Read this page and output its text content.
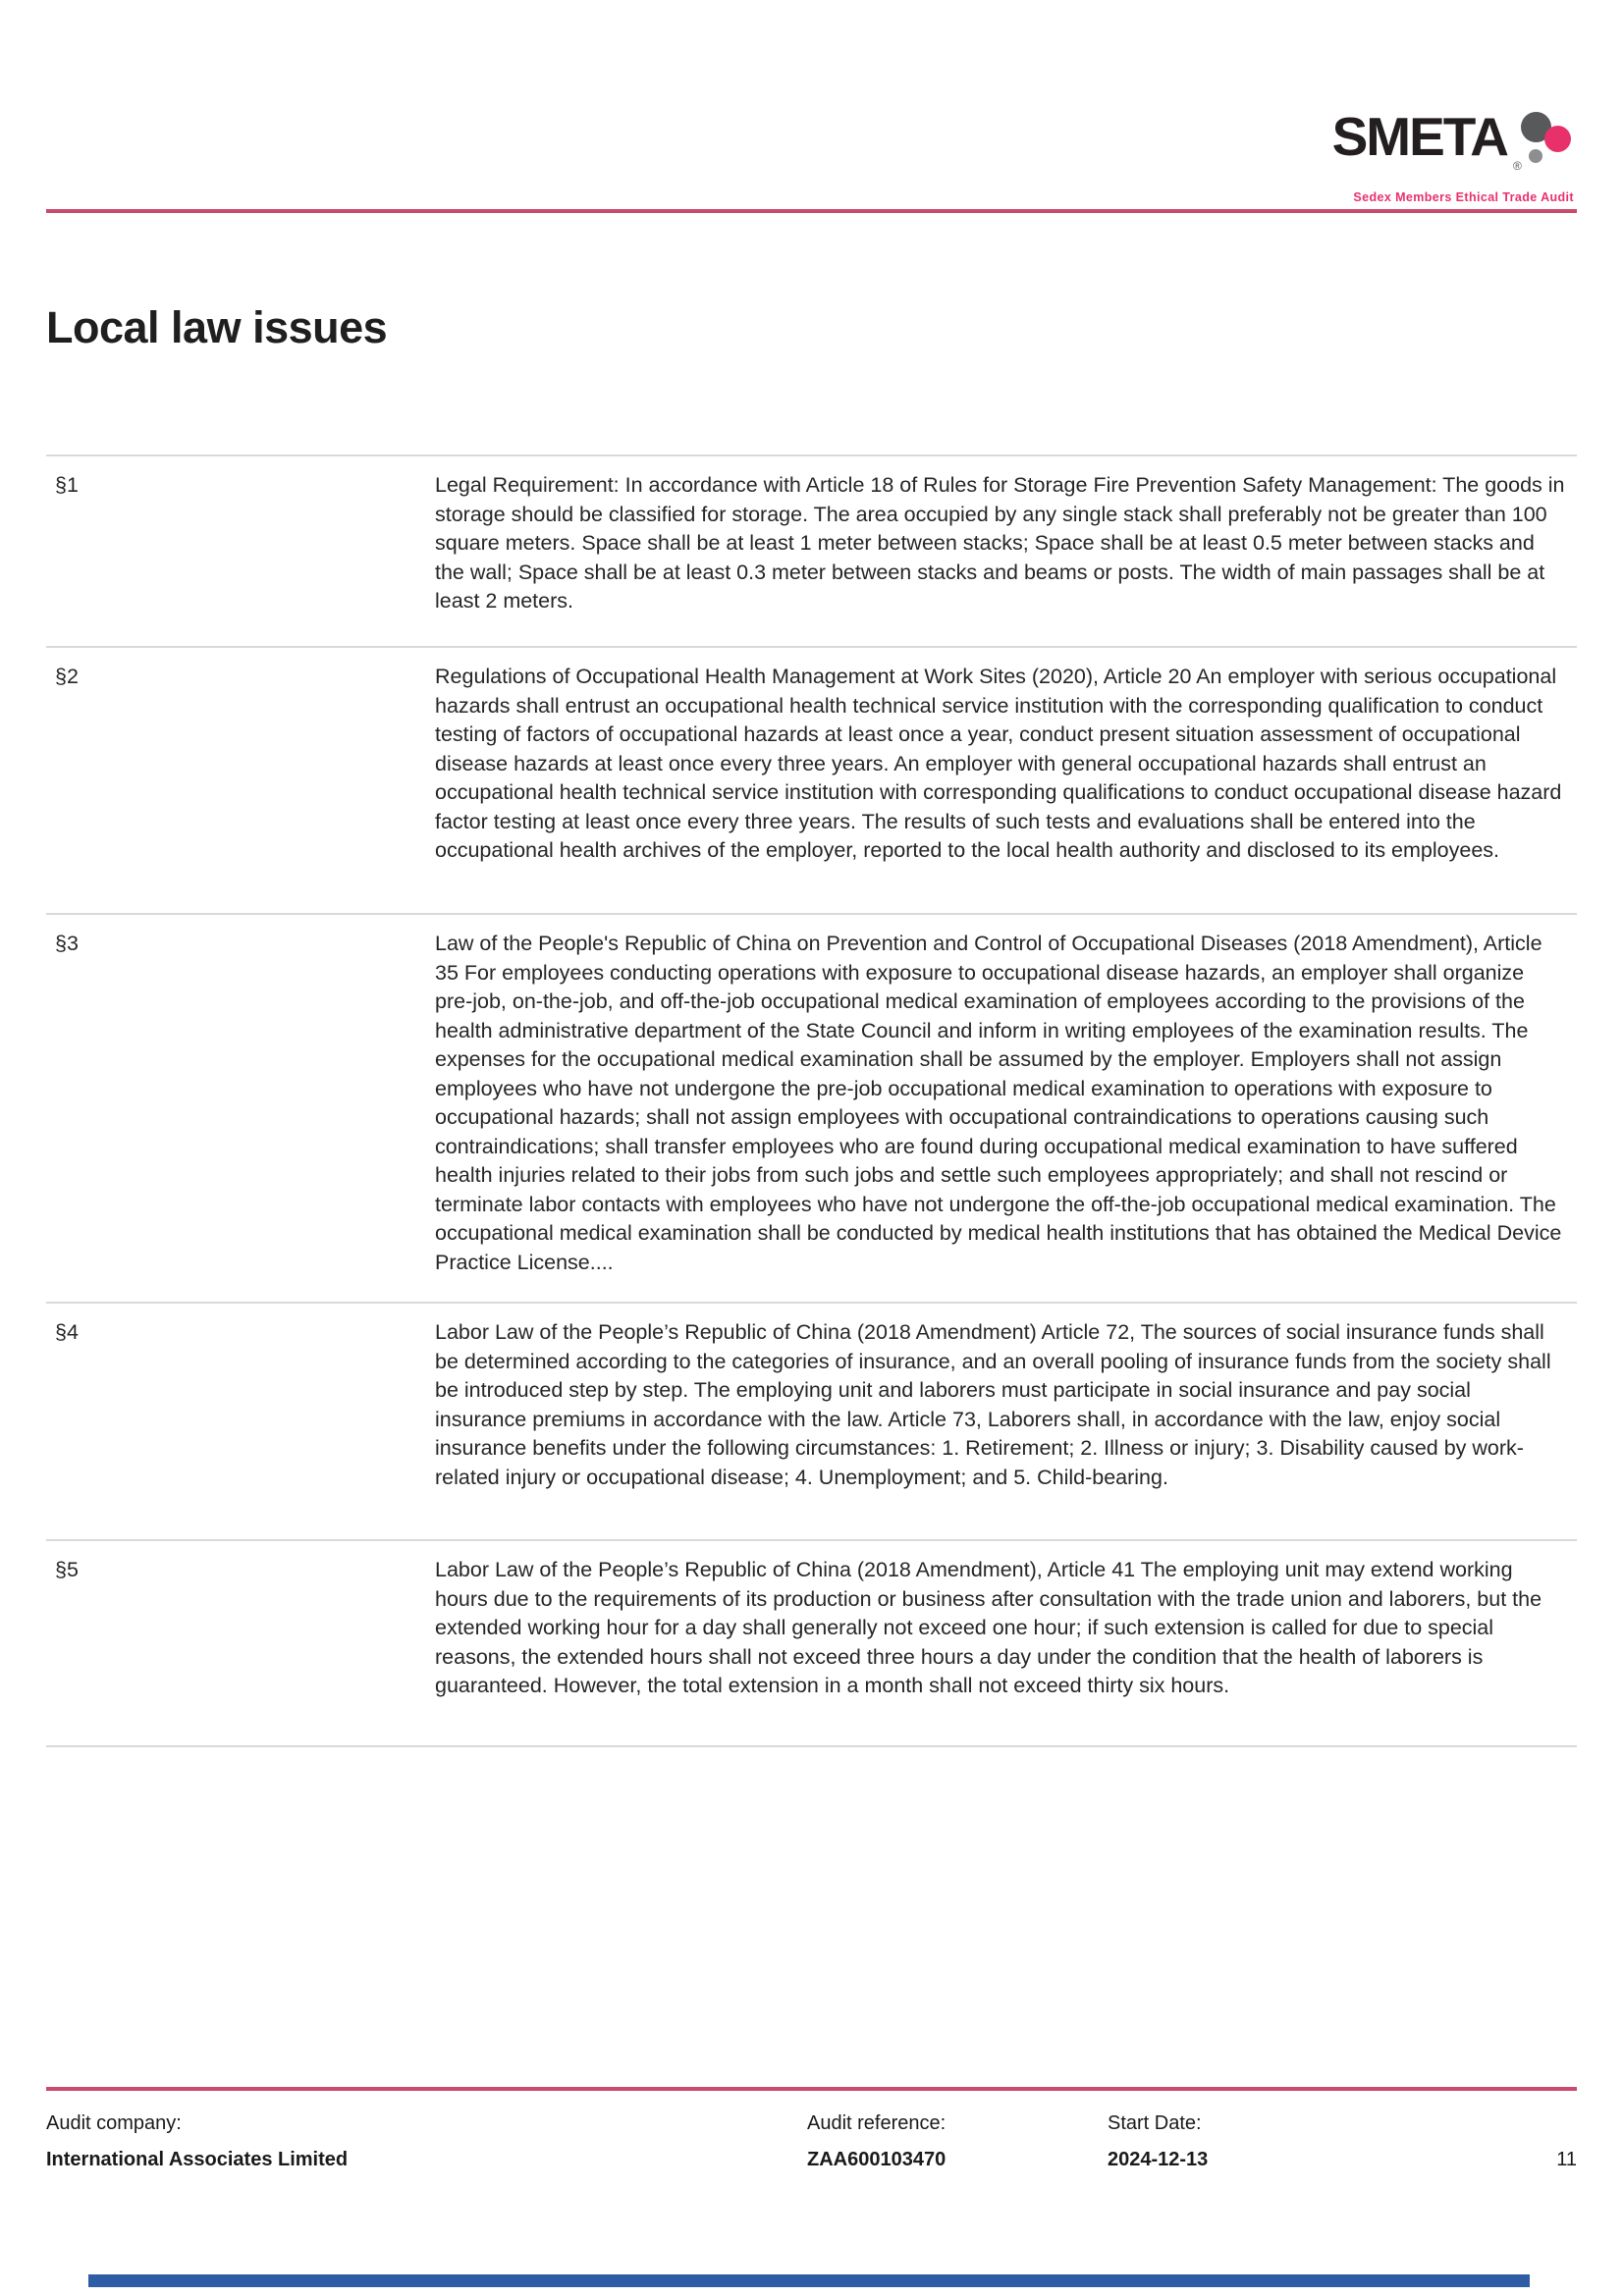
SMETA ®
Sedex Members Ethical Trade Audit
Local law issues
§1	Legal Requirement: In accordance with Article 18 of Rules for Storage Fire Prevention Safety Management: The goods in storage should be classified for storage. The area occupied by any single stack shall preferably not be greater than 100 square meters. Space shall be at least 1 meter between stacks; Space shall be at least 0.5 meter between stacks and the wall; Space shall be at least 0.3 meter between stacks and beams or posts. The width of main passages shall be at least 2 meters.
§2	Regulations of Occupational Health Management at Work Sites (2020), Article 20 An employer with serious occupational hazards shall entrust an occupational health technical service institution with the corresponding qualification to conduct testing of factors of occupational hazards at least once a year, conduct present situation assessment of occupational disease hazards at least once every three years. An employer with general occupational hazards shall entrust an occupational health technical service institution with corresponding qualifications to conduct occupational disease hazard factor testing at least once every three years. The results of such tests and evaluations shall be entered into the occupational health archives of the employer, reported to the local health authority and disclosed to its employees.
§3	Law of the People's Republic of China on Prevention and Control of Occupational Diseases (2018 Amendment), Article 35 For employees conducting operations with exposure to occupational disease hazards, an employer shall organize pre-job, on-the-job, and off-the-job occupational medical examination of employees according to the provisions of the health administrative department of the State Council and inform in writing employees of the examination results. The expenses for the occupational medical examination shall be assumed by the employer. Employers shall not assign employees who have not undergone the pre-job occupational medical examination to operations with exposure to occupational hazards; shall not assign employees with occupational contraindications to operations causing such contraindications; shall transfer employees who are found during occupational medical examination to have suffered health injuries related to their jobs from such jobs and settle such employees appropriately; and shall not rescind or terminate labor contacts with employees who have not undergone the off-the-job occupational medical examination. The occupational medical examination shall be conducted by medical health institutions that has obtained the Medical Device Practice License....
§4	Labor Law of the People’s Republic of China (2018 Amendment) Article 72, The sources of social insurance funds shall be determined according to the categories of insurance, and an overall pooling of insurance funds from the society shall be introduced step by step. The employing unit and laborers must participate in social insurance and pay social insurance premiums in accordance with the law. Article 73, Laborers shall, in accordance with the law, enjoy social insurance benefits under the following circumstances: 1. Retirement; 2. Illness or injury; 3. Disability caused by work-related injury or occupational disease; 4. Unemployment; and 5. Child-bearing.
§5	Labor Law of the People’s Republic of China (2018 Amendment), Article 41 The employing unit may extend working hours due to the requirements of its production or business after consultation with the trade union and laborers, but the extended working hour for a day shall generally not exceed one hour; if such extension is called for due to special reasons, the extended hours shall not exceed three hours a day under the condition that the health of laborers is guaranteed. However, the total extension in a month shall not exceed thirty six hours.
Audit company:	Audit reference:	Start Date:
International Associates Limited	ZAA600103470	2024-12-13	11
